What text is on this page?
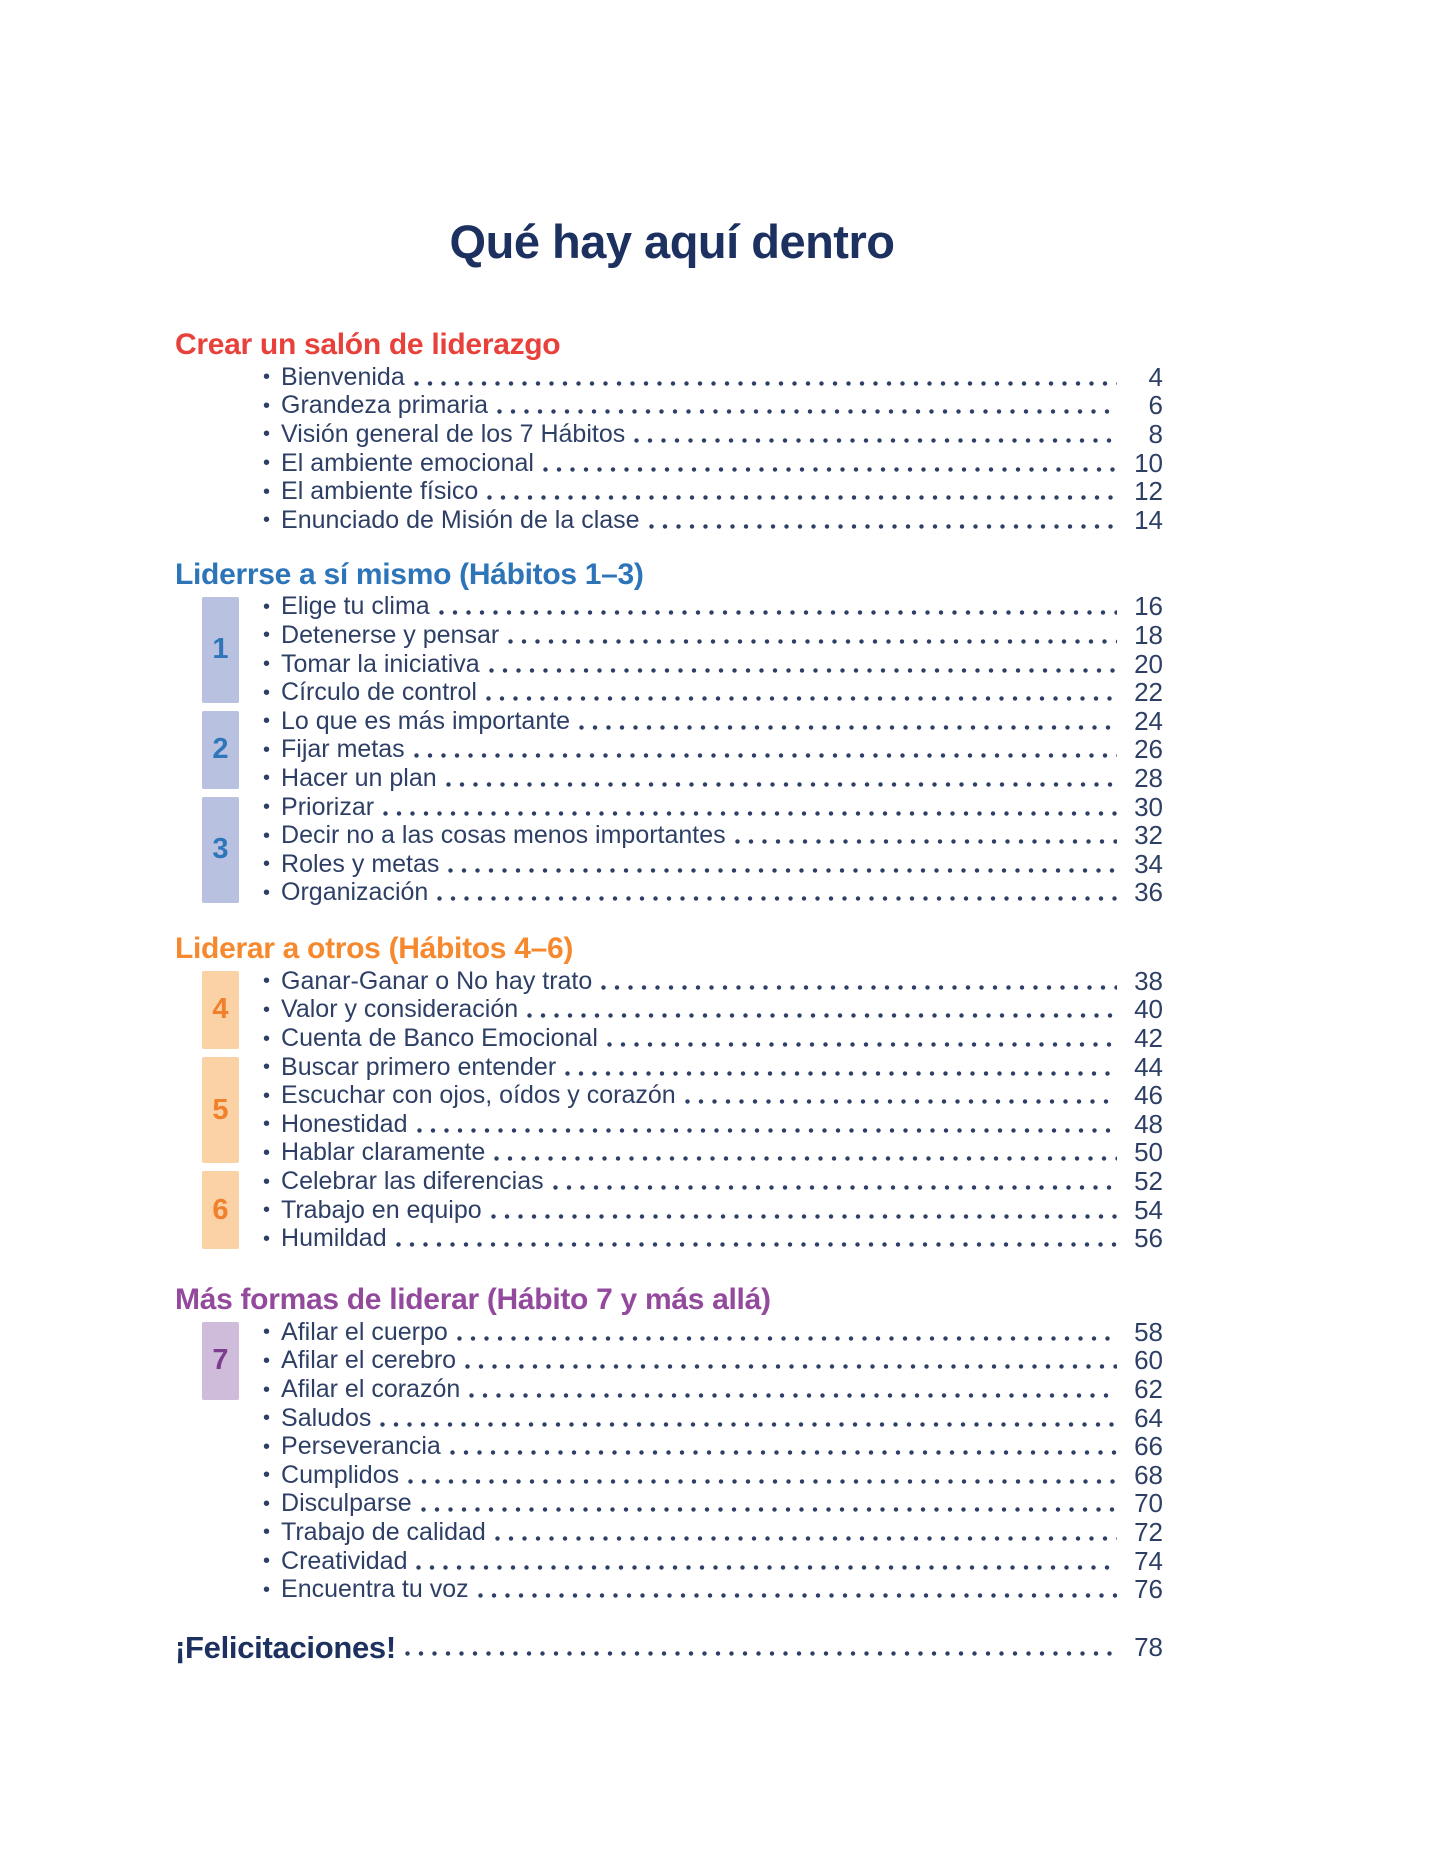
Qué hay aquí dentro
Crear un salón de liderazgo
• Bienvenida	4
• Grandeza primaria	6
• Visión general de los 7 Hábitos	8
• El ambiente emocional	10
• El ambiente físico	12
• Enunciado de Misión de la clase	14
Liderrse a sí mismo (Hábitos 1–3)
1
• Elige tu clima	16
• Detenerse y pensar	18
• Tomar la iniciativa	20
• Círculo de control	22
2
• Lo que es más importante	24
• Fijar metas	26
• Hacer un plan	28
3
• Priorizar	30
• Decir no a las cosas menos importantes	32
• Roles y metas	34
• Organización	36
Liderar a otros (Hábitos 4–6)
4
• Ganar-Ganar o No hay trato	38
• Valor y consideración	40
• Cuenta de Banco Emocional	42
5
• Buscar primero entender	44
• Escuchar con ojos, oídos y corazón	46
• Honestidad	48
• Hablar claramente	50
6
• Celebrar las diferencias	52
• Trabajo en equipo	54
• Humildad	56
Más formas de liderar (Hábito 7 y más allá)
7
• Afilar el cuerpo	58
• Afilar el cerebro	60
• Afilar el corazón	62
• Saludos	64
• Perseverancia	66
• Cumplidos	68
• Disculparse	70
• Trabajo de calidad	72
• Creatividad	74
• Encuentra tu voz	76
¡Felicitaciones!	78
